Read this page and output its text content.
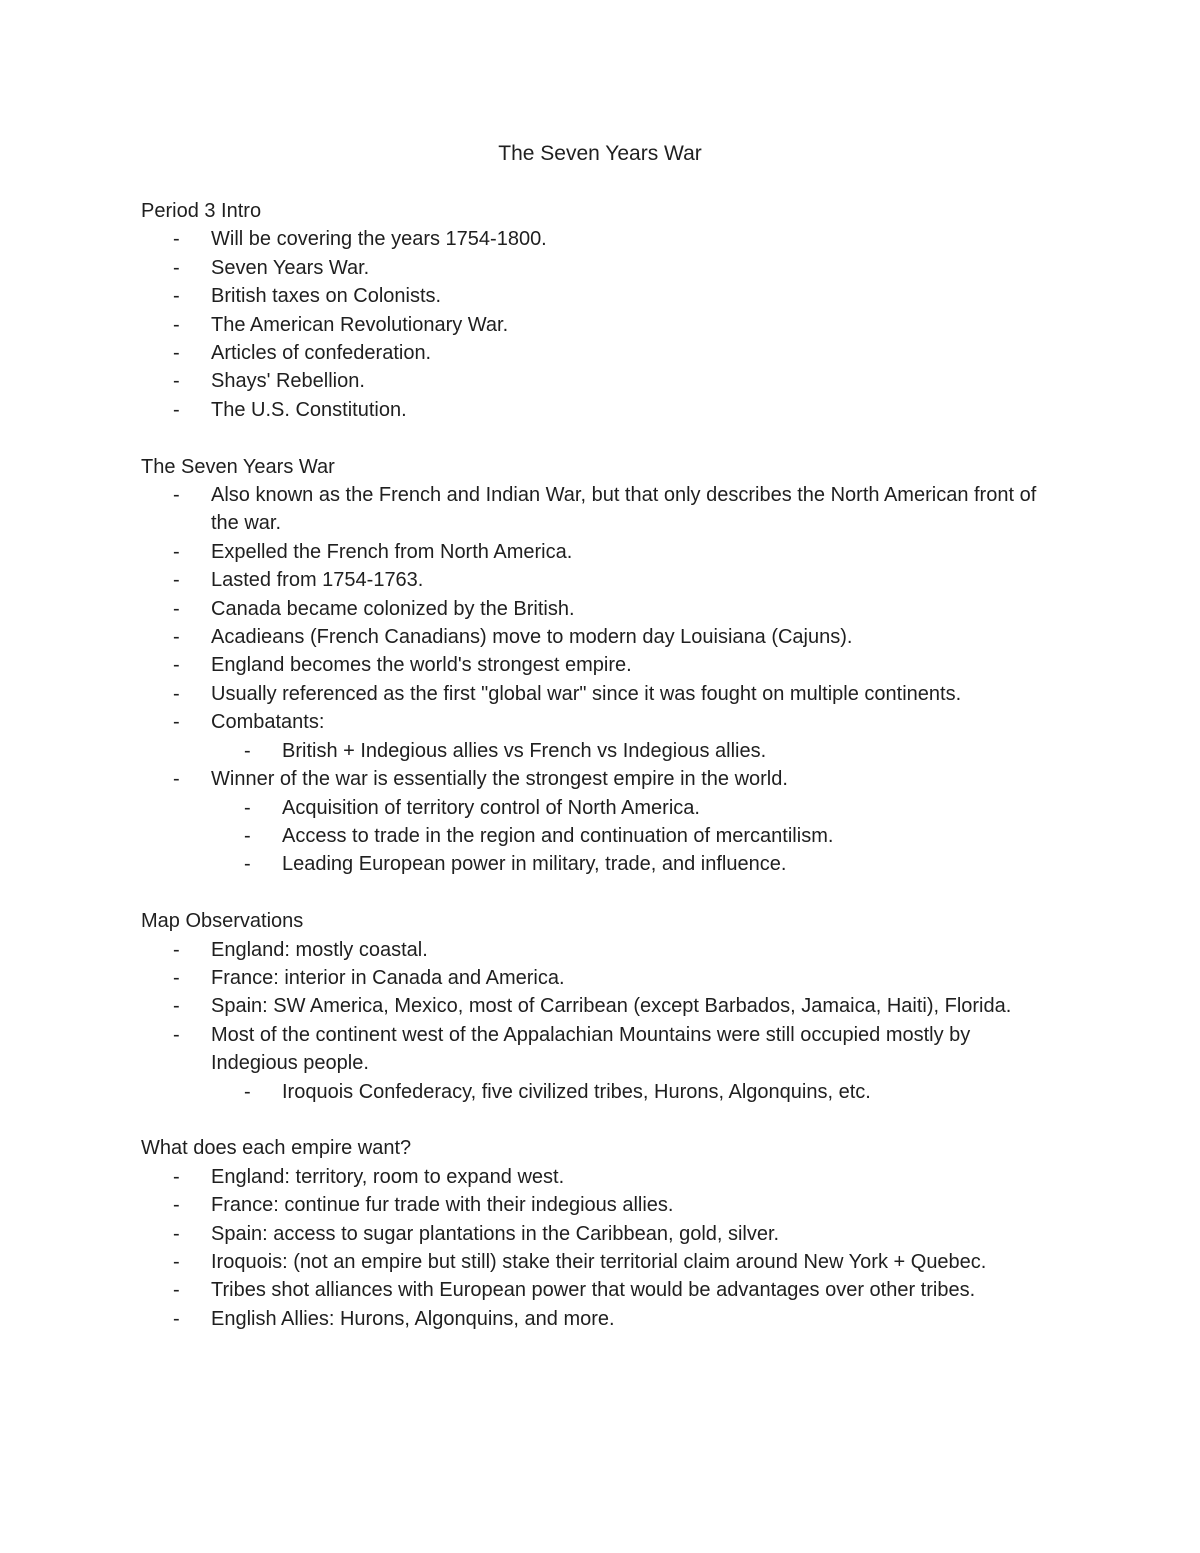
The Seven Years War
Period 3 Intro
- Will be covering the years 1754-1800.
- Seven Years War.
- British taxes on Colonists.
- The American Revolutionary War.
- Articles of confederation.
- Shays' Rebellion.
- The U.S. Constitution.
The Seven Years War
- Also known as the French and Indian War, but that only describes the North American front of the war.
- Expelled the French from North America.
- Lasted from 1754-1763.
- Canada became colonized by the British.
- Acadieans (French Canadians) move to modern day Louisiana (Cajuns).
- England becomes the world's strongest empire.
- Usually referenced as the first "global war" since it was fought on multiple continents.
- Combatants:
- British + Indegious allies vs French vs Indegious allies.
- Winner of the war is essentially the strongest empire in the world.
- Acquisition of territory control of North America.
- Access to trade in the region and continuation of mercantilism.
- Leading European power in military, trade, and influence.
Map Observations
- England: mostly coastal.
- France: interior in Canada and America.
- Spain: SW America, Mexico, most of Carribean (except Barbados, Jamaica, Haiti), Florida.
- Most of the continent west of the Appalachian Mountains were still occupied mostly by Indegious people.
- Iroquois Confederacy, five civilized tribes, Hurons, Algonquins, etc.
What does each empire want?
- England: territory, room to expand west.
- France: continue fur trade with their indegious allies.
- Spain: access to sugar plantations in the Caribbean, gold, silver.
- Iroquois: (not an empire but still) stake their territorial claim around New York + Quebec.
- Tribes shot alliances with European power that would be advantages over other tribes.
- English Allies: Hurons, Algonquins, and more.
